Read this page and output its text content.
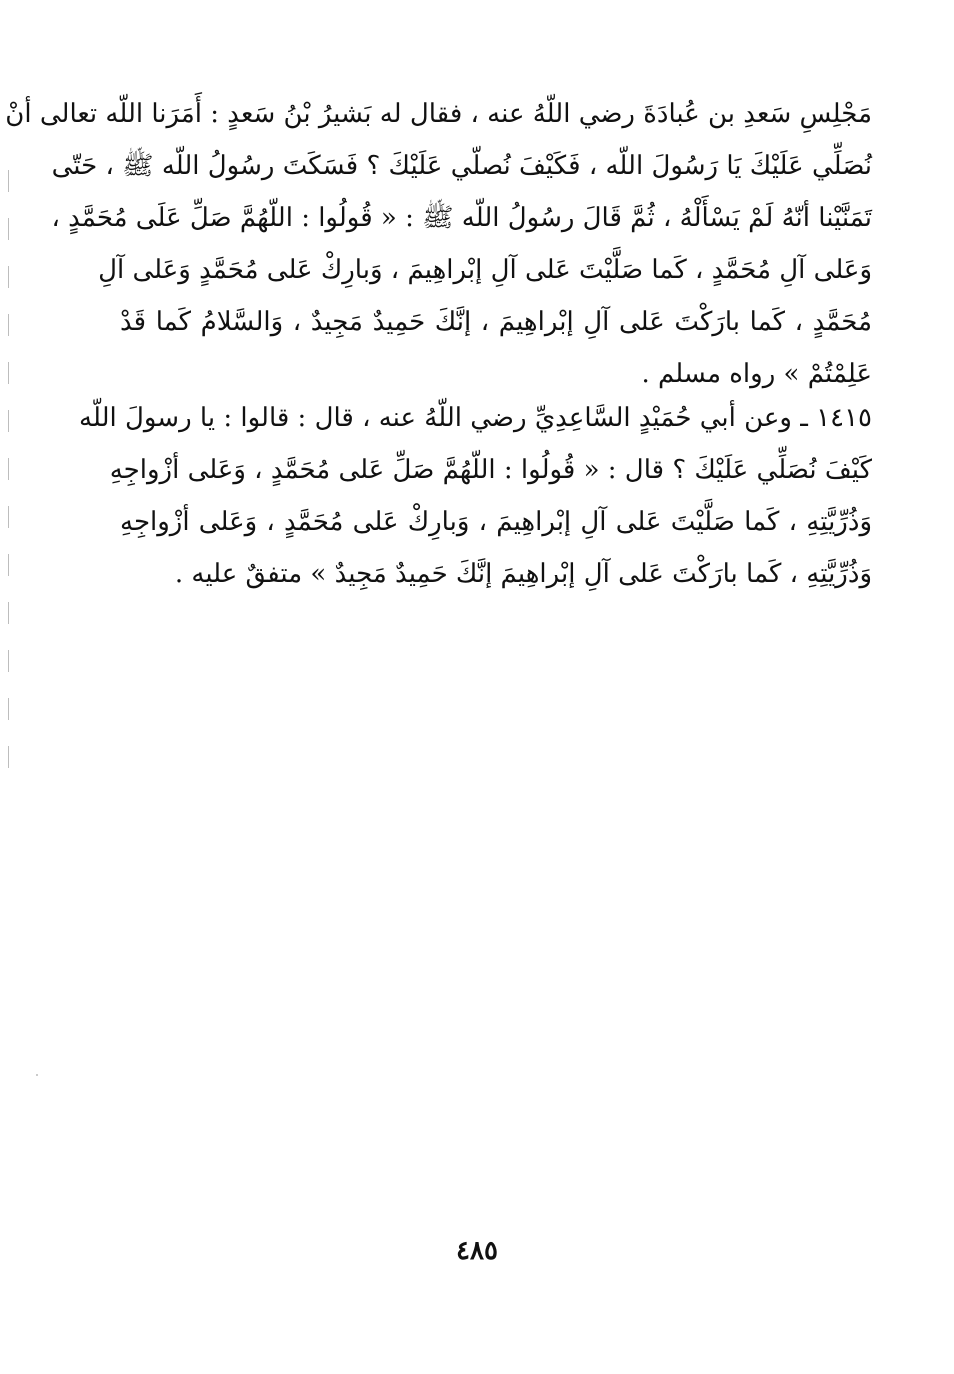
مَجْلِسِ سَعدِ بن عُبادَةَ رضي اللّهُ عنه ، فقال له بَشيرُ بْنُ سَعدٍ : أَمَرَنا اللّه تعالى أنْ
نُصَلِّي عَلَيْكَ يَا رَسُولَ اللّه ، فَكَيْفَ نُصلّي عَلَيْكَ ؟ فَسَكَتَ رسُولُ اللّه ﷺ ، حَتّى
تَمَنَّيْنا أنّهُ لَمْ يَسْأَلْهُ ، ثُمَّ قَالَ رسُولُ اللّه ﷺ : « قُولُوا : اللّهُمَّ صَلِّ عَلَى مُحَمَّدٍ ،
وَعَلى آلِ مُحَمَّدٍ ، كَما صَلَّيْتَ عَلى آلِ إبْراهِيمَ ، وَبارِكْ عَلى مُحَمَّدٍ وَعَلى آلِ
مُحَمَّدٍ ، كَما بارَكْتَ عَلى آلِ إبْراهِيمَ ، إنَّكَ حَمِيدٌ مَجِيدٌ ، وَالسَّلامُ كَما قَدْ
عَلِمْتُمْ » رواه مسلم .
١٤١٥ ـ وعن أبي حُمَيْدٍ السَّاعِدِيِّ رضي اللّهُ عنه ، قال : قالوا : يا رسولَ اللّه
كَيْفَ نُصَلِّي عَلَيْكَ ؟ قال : « قُولُوا : اللّهُمَّ صَلِّ عَلى مُحَمَّدٍ ، وَعَلى أزْواجِهِ
وَذُرِّيَّتِهِ ، كَما صَلَّيْتَ عَلى آلِ إبْراهِيمَ ، وَبارِكْ عَلى مُحَمَّدٍ ، وَعَلى أزْواجِهِ
وَذُرِّيَّتِهِ ، كَما بارَكْتَ عَلى آلِ إبْراهِيمَ إنَّكَ حَمِيدٌ مَجِيدٌ » متفقٌ عليه .
٤٨٥
